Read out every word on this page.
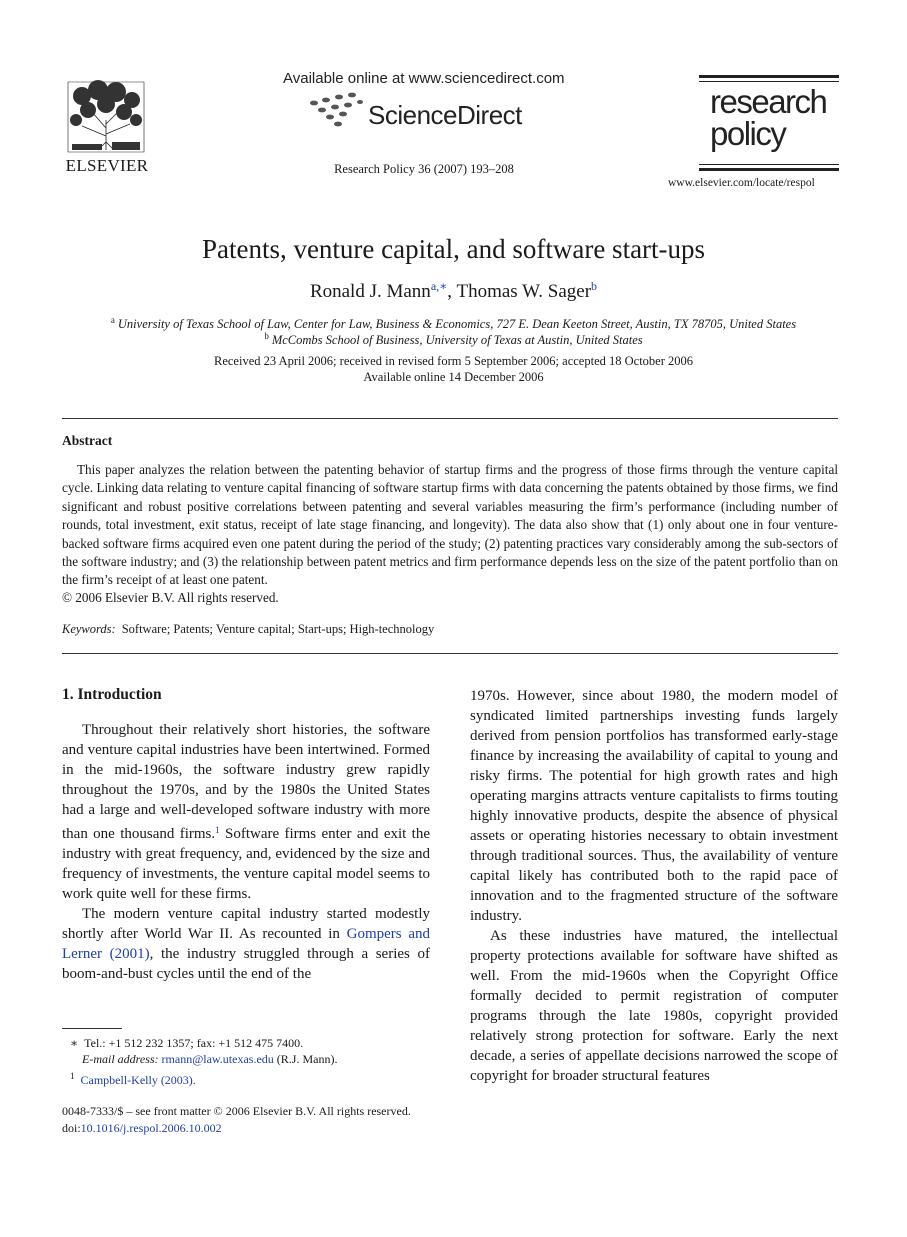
ELSEVIER
Available online at www.sciencedirect.com
ScienceDirect
Research Policy 36 (2007) 193–208
research
policy
www.elsevier.com/locate/respol
Patents, venture capital, and software start-ups
Ronald J. Mann$^{a,∗}$, Thomas W. Sager$^b$
$^a$ University of Texas School of Law, Center for Law, Business & Economics, 727 E. Dean Keeton Street, Austin, TX 78705, United States
$^b$ McCombs School of Business, University of Texas at Austin, United States
Received 23 April 2006; received in revised form 5 September 2006; accepted 18 October 2006
Available online 14 December 2006
Abstract
This paper analyzes the relation between the patenting behavior of startup firms and the progress of those firms through the venture capital cycle. Linking data relating to venture capital financing of software startup firms with data concerning the patents obtained by those firms, we find significant and robust positive correlations between patenting and several variables measuring the firm’s performance (including number of rounds, total investment, exit status, receipt of late stage financing, and longevity). The data also show that (1) only about one in four venture-backed software firms acquired even one patent during the period of the study; (2) patenting practices vary considerably among the sub-sectors of the software industry; and (3) the relationship between patent metrics and firm performance depends less on the size of the patent portfolio than on the firm’s receipt of at least one patent.
© 2006 Elsevier B.V. All rights reserved.
Keywords: Software; Patents; Venture capital; Start-ups; High-technology
1. Introduction

Throughout their relatively short histories, the software and venture capital industries have been intertwined. Formed in the mid-1960s, the software industry grew rapidly throughout the 1970s, and by the 1980s the United States had a large and well-developed software industry with more than one thousand firms.$^1$ Software firms enter and exit the industry with great frequency, and, evidenced by the size and frequency of investments, the venture capital model seems to work quite well for these firms.

The modern venture capital industry started modestly shortly after World War II. As recounted in Gompers and Lerner (2001), the industry struggled through a series of boom-and-bust cycles until the end of the

1970s. However, since about 1980, the modern model of syndicated limited partnerships investing funds largely derived from pension portfolios has transformed early-stage finance by increasing the availability of capital to young and risky firms. The potential for high growth rates and high operating margins attracts venture capitalists to firms touting highly innovative products, despite the absence of physical assets or operating histories necessary to obtain investment through traditional sources. Thus, the availability of venture capital likely has contributed both to the rapid pace of innovation and to the fragmented structure of the software industry.

As these industries have matured, the intellectual property protections available for software have shifted as well. From the mid-1960s when the Copyright Office formally decided to permit registration of computer programs through the late 1980s, copyright provided relatively strong protection for software. Early the next decade, a series of appellate decisions narrowed the scope of copyright for broader structural features

∗ Tel.: +1 512 232 1357; fax: +1 512 475 7400.
E-mail address: rmann@law.utexas.edu (R.J. Mann).
$^1$ Campbell-Kelly (2003).
0048-7333/$ – see front matter © 2006 Elsevier B.V. All rights reserved.
doi:10.1016/j.respol.2006.10.002
